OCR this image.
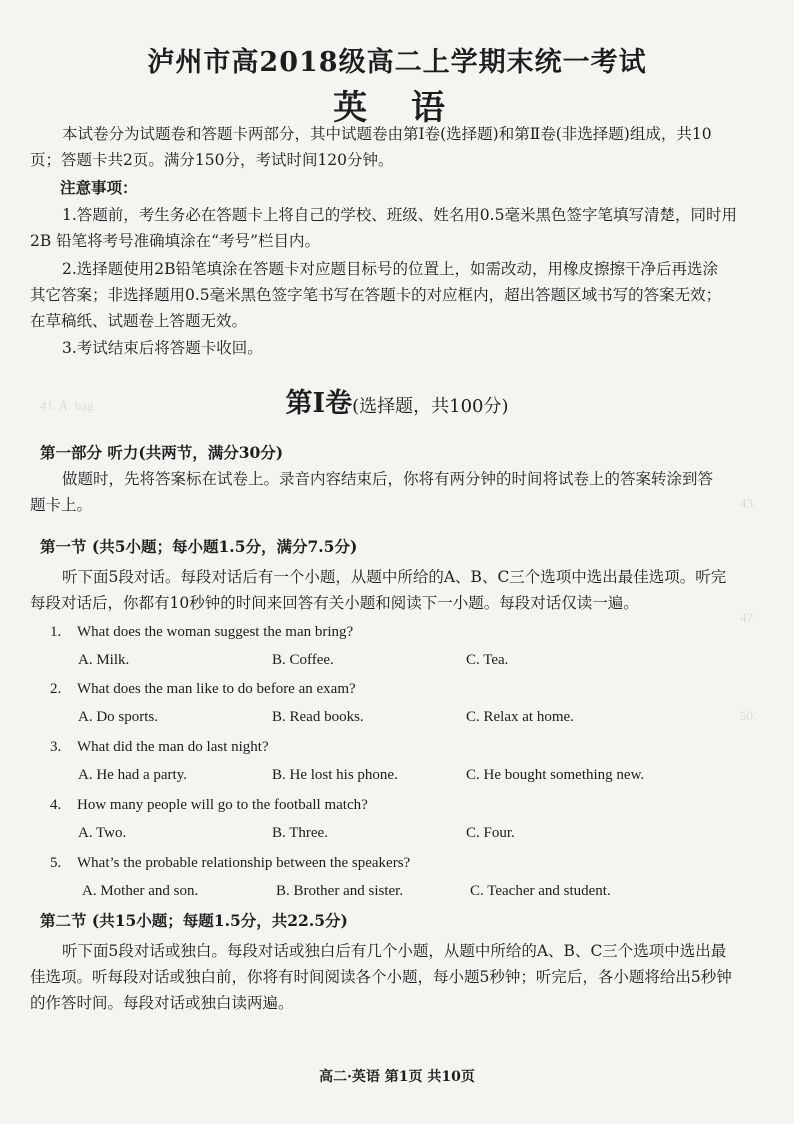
41. A. bag
43.
47.
50.
泸州市高2018级高二上学期末统一考试
英 语
本试卷分为试题卷和答题卡两部分，其中试题卷由第Ⅰ卷(选择题)和第Ⅱ卷(非选择题)组成，共10
页；答题卡共2页。满分150分，考试时间120分钟。
注意事项：
1.答题前，考生务必在答题卡上将自己的学校、班级、姓名用0.5毫米黑色签字笔填写清楚，同时用
2B 铅笔将考号准确填涂在“考号”栏目内。
2.选择题使用2B铅笔填涂在答题卡对应题目标号的位置上，如需改动，用橡皮擦擦干净后再选涂
其它答案；非选择题用0.5毫米黑色签字笔书写在答题卡的对应框内，超出答题区域书写的答案无效；
在草稿纸、试题卷上答题无效。
3.考试结束后将答题卡收回。
第Ⅰ卷(选择题，共100分)
第一部分 听力(共两节，满分30分)
做题时，先将答案标在试卷上。录音内容结束后，你将有两分钟的时间将试卷上的答案转涂到答
题卡上。
第一节 (共5小题；每小题1.5分，满分7.5分)
听下面5段对话。每段对话后有一个小题，从题中所给的A、B、C三个选项中选出最佳选项。听完
每段对话后，你都有10秒钟的时间来回答有关小题和阅读下一小题。每段对话仅读一遍。
1. What does the woman suggest the man bring?
A. Milk.	B. Coffee.	C. Tea.
2. What does the man like to do before an exam?
A. Do sports.	B. Read books.	C. Relax at home.
3. What did the man do last night?
A. He had a party.	B. He lost his phone.	C. He bought something new.
4. How many people will go to the football match?
A. Two.	B. Three.	C. Four.
5. What’s the probable relationship between the speakers?
A. Mother and son.	B. Brother and sister.	C. Teacher and student.
第二节 (共15小题；每题1.5分，共22.5分)
听下面5段对话或独白。每段对话或独白后有几个小题，从题中所给的A、B、C三个选项中选出最
佳选项。听每段对话或独白前，你将有时间阅读各个小题，每小题5秒钟；听完后，各小题将给出5秒钟
的作答时间。每段对话或独白读两遍。
高二·英语 第1页 共10页
